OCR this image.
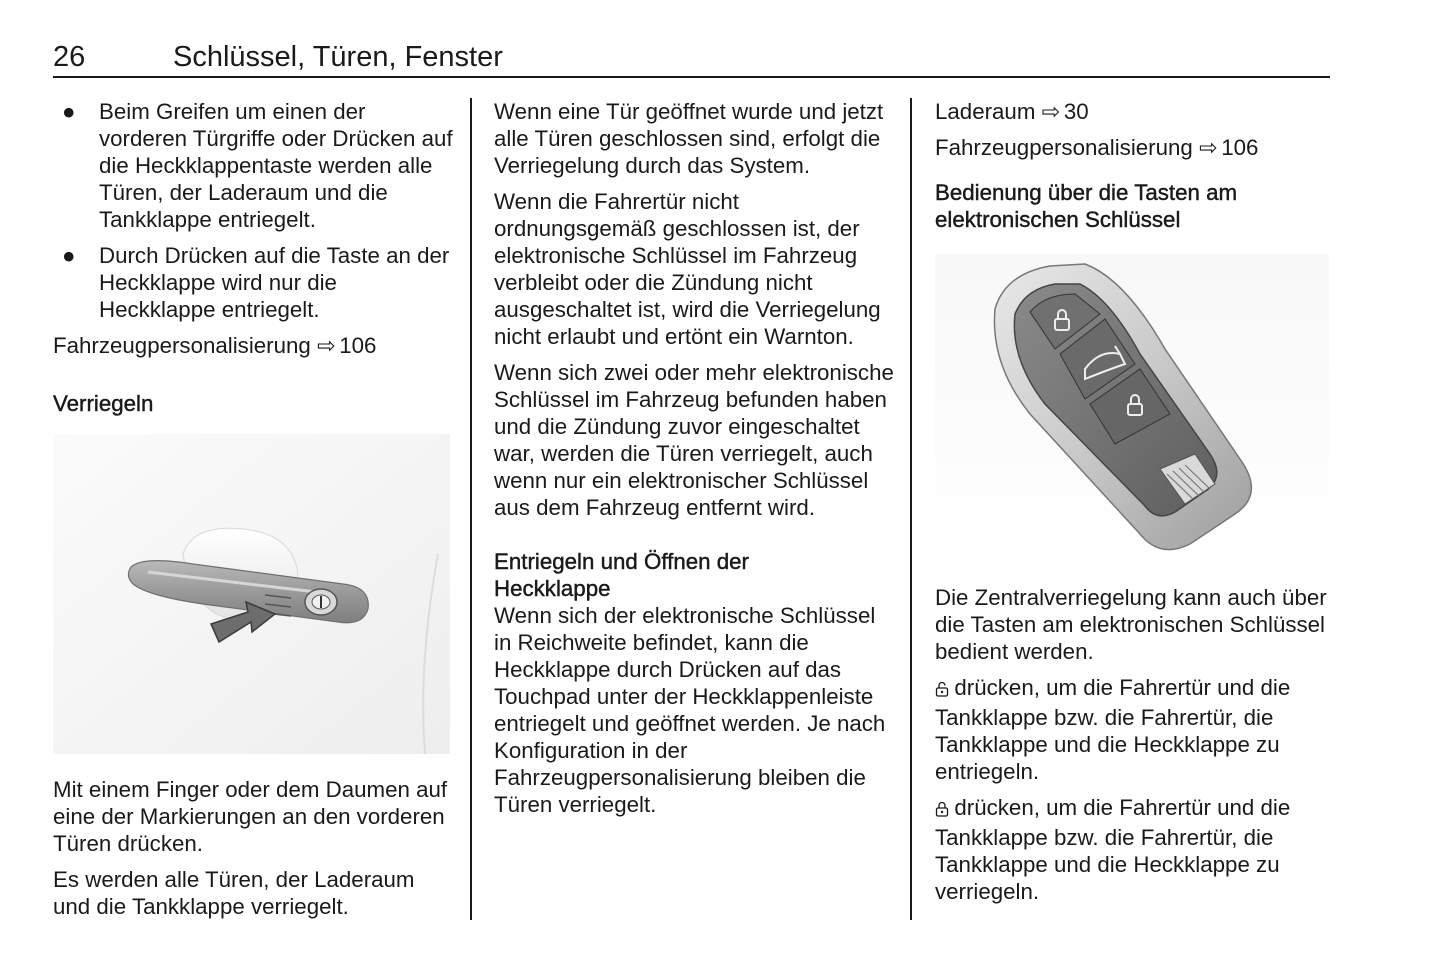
26	Schlüssel, Türen, Fenster
● Beim Greifen um einen der vorderen Türgriffe oder Drücken auf die Heckklappentaste werden alle Türen, der Laderaum und die Tankklappe entriegelt.
● Durch Drücken auf die Taste an der Heckklappe wird nur die Heckklappe entriegelt.

Fahrzeugpersonalisierung ⇨ 106

Verriegeln

Mit einem Finger oder dem Daumen auf eine der Markierungen an den vorderen Türen drücken.

Es werden alle Türen, der Laderaum und die Tankklappe verriegelt.

Wenn eine Tür geöffnet wurde und jetzt alle Türen geschlossen sind, erfolgt die Verriegelung durch das System.

Wenn die Fahrertür nicht ordnungsgemäß geschlossen ist, der elektronische Schlüssel im Fahrzeug verbleibt oder die Zündung nicht ausgeschaltet ist, wird die Verriegelung nicht erlaubt und ertönt ein Warnton.

Wenn sich zwei oder mehr elektronische Schlüssel im Fahrzeug befunden haben und die Zündung zuvor eingeschaltet war, werden die Türen verriegelt, auch wenn nur ein elektronischer Schlüssel aus dem Fahrzeug entfernt wird.

Entriegeln und Öffnen der
Heckklappe

Wenn sich der elektronische Schlüssel in Reichweite befindet, kann die Heckklappe durch Drücken auf das Touchpad unter der Heckklappenleiste entriegelt und geöffnet werden. Je nach Konfiguration in der Fahrzeugpersonalisierung bleiben die Türen verriegelt.

Laderaum ⇨ 30

Fahrzeugpersonalisierung ⇨ 106

Bedienung über die Tasten am
elektronischen Schlüssel

Die Zentralverriegelung kann auch über die Tasten am elektronischen Schlüssel bedient werden.

drücken, um die Fahrertür und die Tankklappe bzw. die Fahrertür, die Tankklappe und die Heckklappe zu entriegeln.

drücken, um die Fahrertür und die Tankklappe bzw. die Fahrertür, die Tankklappe und die Heckklappe zu verriegeln.
